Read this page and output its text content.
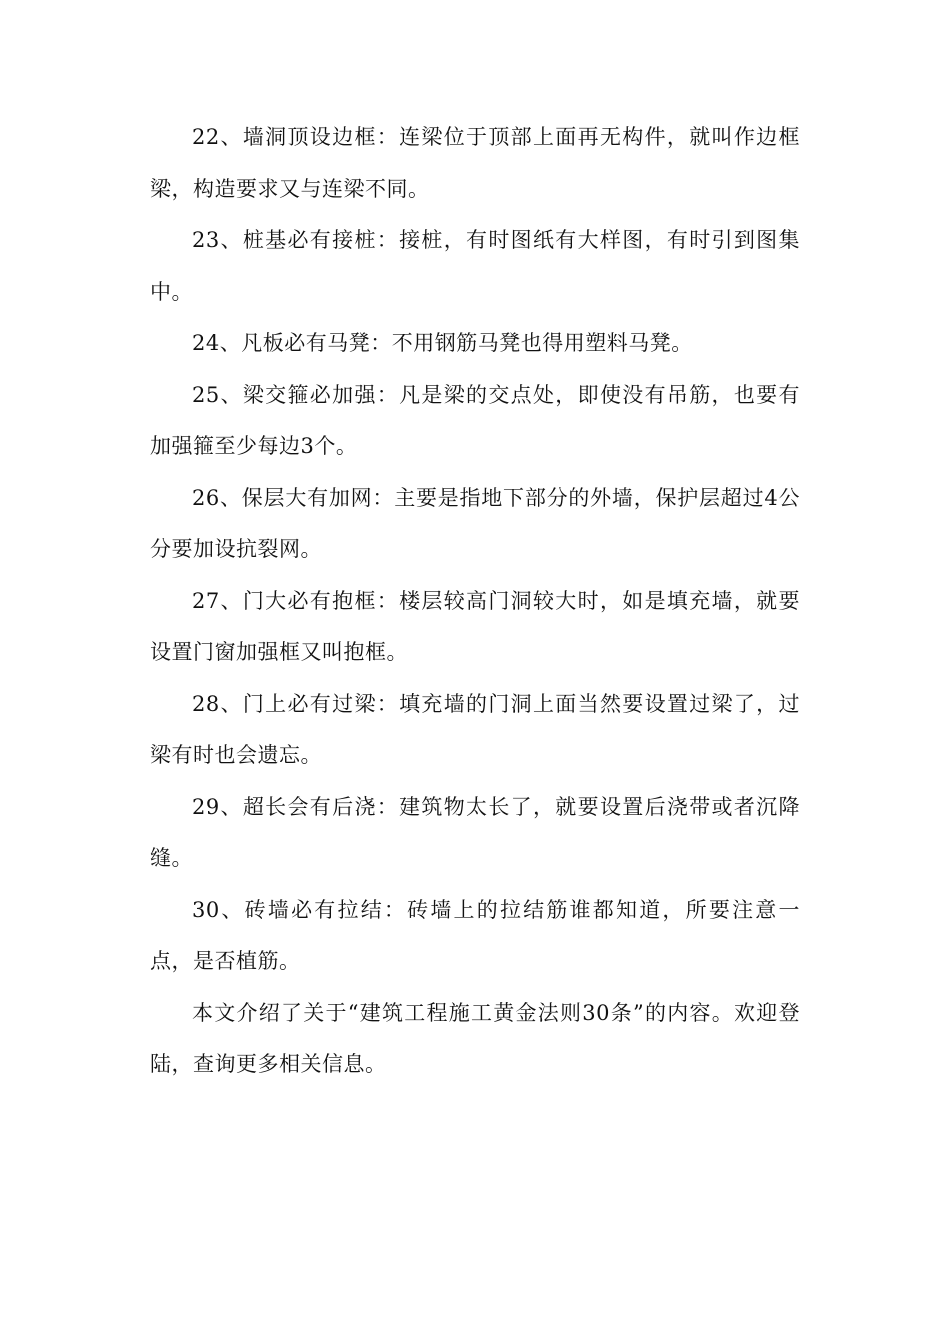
22、墙洞顶设边框：连梁位于顶部上面再无构件，就叫作边框梁，构造要求又与连梁不同。

23、桩基必有接桩：接桩，有时图纸有大样图，有时引到图集中。

24、凡板必有马凳：不用钢筋马凳也得用塑料马凳。

25、梁交箍必加强：凡是梁的交点处，即使没有吊筋，也要有加强箍至少每边3个。

26、保层大有加网：主要是指地下部分的外墙，保护层超过4公分要加设抗裂网。

27、门大必有抱框：楼层较高门洞较大时，如是填充墙，就要设置门窗加强框又叫抱框。

28、门上必有过梁：填充墙的门洞上面当然要设置过梁了，过梁有时也会遗忘。

29、超长会有后浇：建筑物太长了，就要设置后浇带或者沉降缝。

30、砖墙必有拉结：砖墙上的拉结筋谁都知道，所要注意一点，是否植筋。

本文介绍了关于“建筑工程施工黄金法则30条”的内容。欢迎登陆，查询更多相关信息。
